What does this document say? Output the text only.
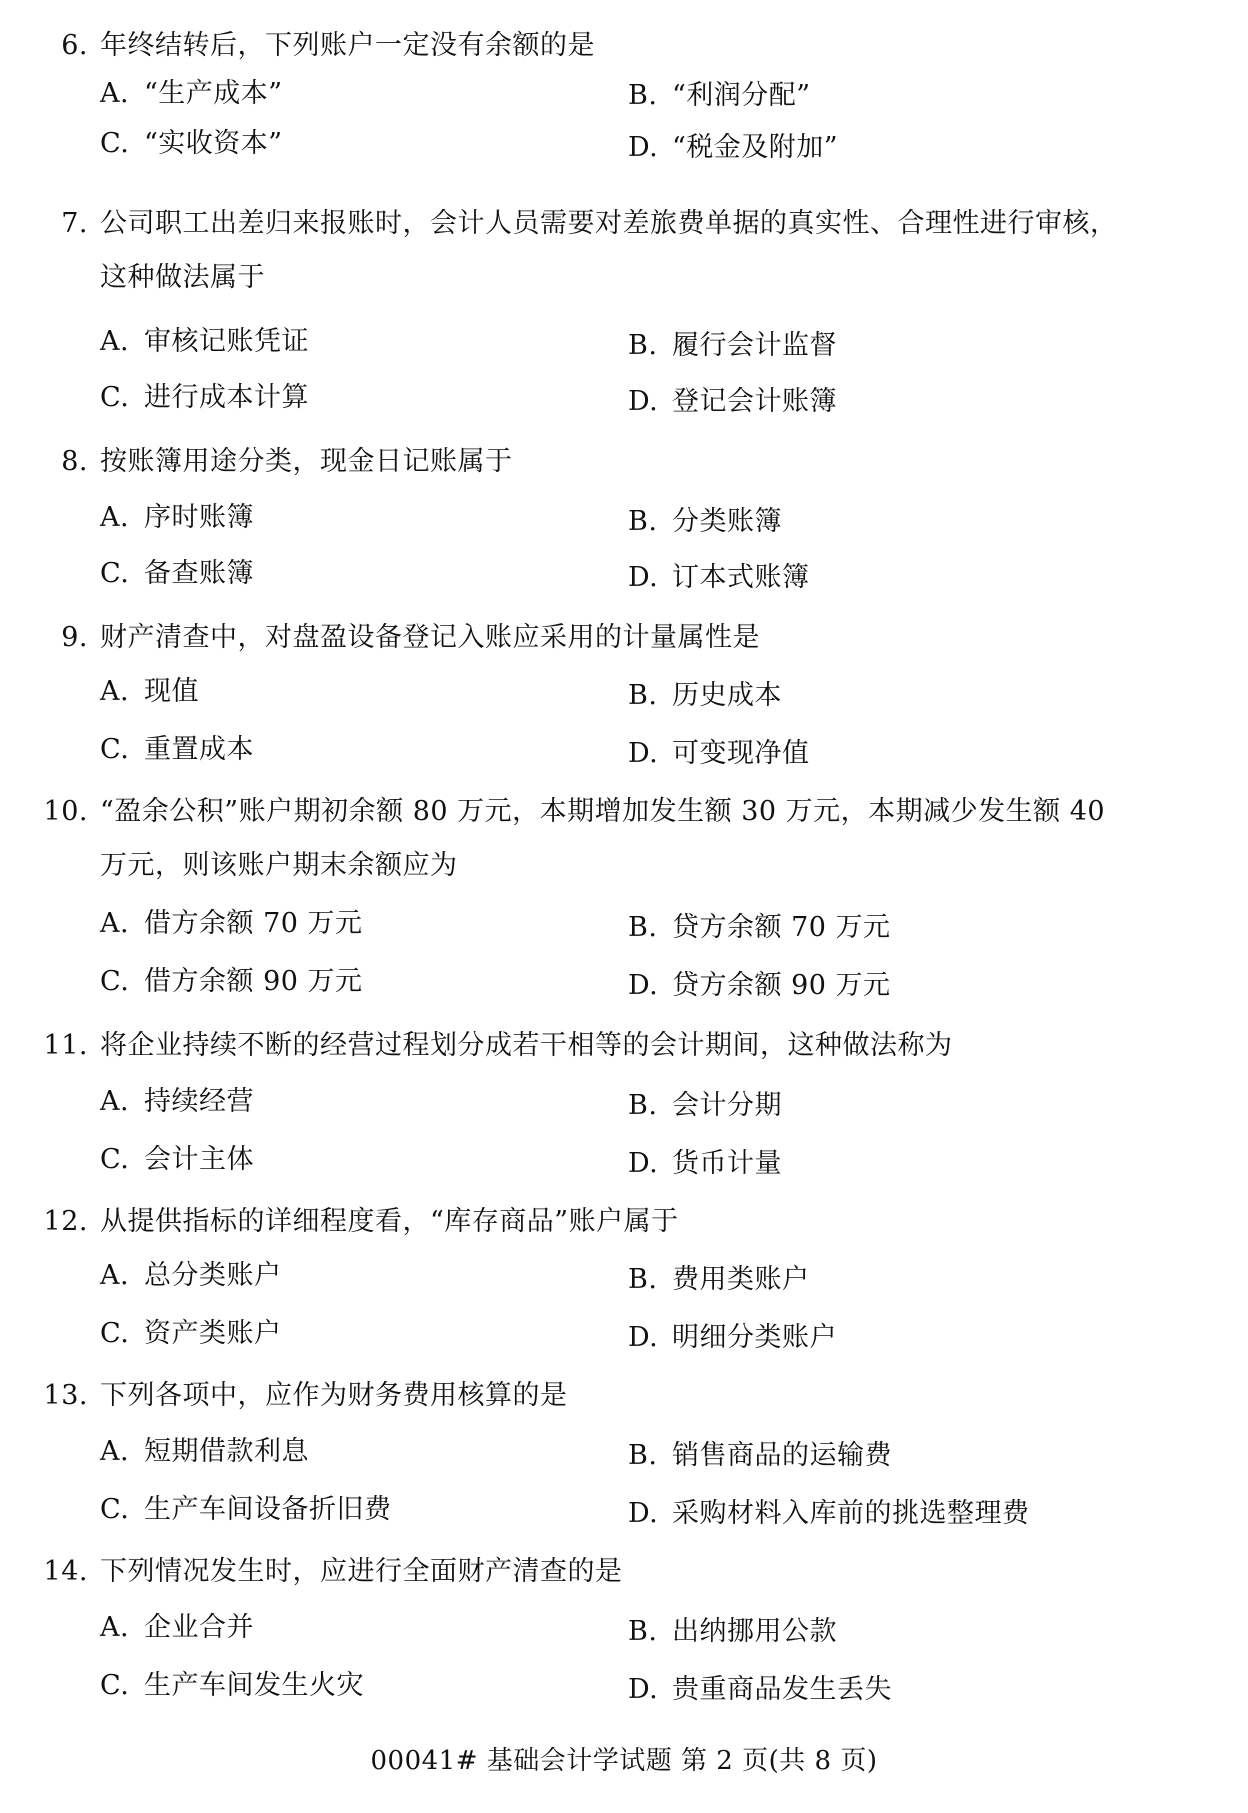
6. 年终结转后，下列账户一定没有余额的是
A. “生产成本”	B. “利润分配”
C. “实收资本”	D. “税金及附加”
7. 公司职工出差归来报账时，会计人员需要对差旅费单据的真实性、合理性进行审核，
这种做法属于
A. 审核记账凭证	B. 履行会计监督
C. 进行成本计算	D. 登记会计账簿
8. 按账簿用途分类，现金日记账属于
A. 序时账簿	B. 分类账簿
C. 备查账簿	D. 订本式账簿
9. 财产清查中，对盘盈设备登记入账应采用的计量属性是
A. 现值	B. 历史成本
C. 重置成本	D. 可变现净值
10. “盈余公积”账户期初余额 80 万元，本期增加发生额 30 万元，本期减少发生额 40
万元，则该账户期末余额应为
A. 借方余额 70 万元	B. 贷方余额 70 万元
C. 借方余额 90 万元	D. 贷方余额 90 万元
11. 将企业持续不断的经营过程划分成若干相等的会计期间，这种做法称为
A. 持续经营	B. 会计分期
C. 会计主体	D. 货币计量
12. 从提供指标的详细程度看，“库存商品”账户属于
A. 总分类账户	B. 费用类账户
C. 资产类账户	D. 明细分类账户
13. 下列各项中，应作为财务费用核算的是
A. 短期借款利息	B. 销售商品的运输费
C. 生产车间设备折旧费	D. 采购材料入库前的挑选整理费
14. 下列情况发生时，应进行全面财产清查的是
A. 企业合并	B. 出纳挪用公款
C. 生产车间发生火灾	D. 贵重商品发生丢失
00041# 基础会计学试题 第 2 页(共 8 页)
